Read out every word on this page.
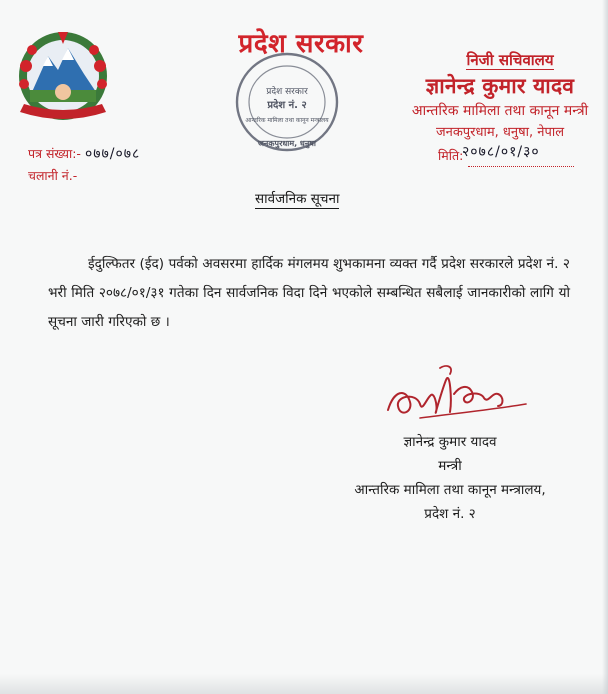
प्रदेश सरकार
प्रदेश सरकार
प्रदेश नं. २
आन्तरिक मामिला तथा कानून मन्त्रालय
जनकपुरधाम, धनुषा
निजी सचिवालय
ज्ञानेन्द्र कुमार यादव
आन्तरिक मामिला तथा कानून मन्त्री
जनकपुरधाम, धनुषा, नेपाल
पत्र संख्या:- ०७७/०७८
चलानी नं.-
मिति:
२०७८/०१/३०
सार्वजनिक सूचना

ईदुल्फितर (ईद) पर्वको अवसरमा हार्दिक मंगलमय शुभकामना व्यक्त गर्दै प्रदेश सरकारले प्रदेश नं. २ भरी मिति २०७८/०१/३१ गतेका दिन सार्वजनिक विदा दिने भएकोले सम्बन्धित सबैलाई जानकारीको लागि यो सूचना जारी गरिएको छ ।

ज्ञानेन्द्र कुमार यादव
मन्त्री
आन्तरिक मामिला तथा कानून मन्त्रालय,
प्रदेश नं. २
